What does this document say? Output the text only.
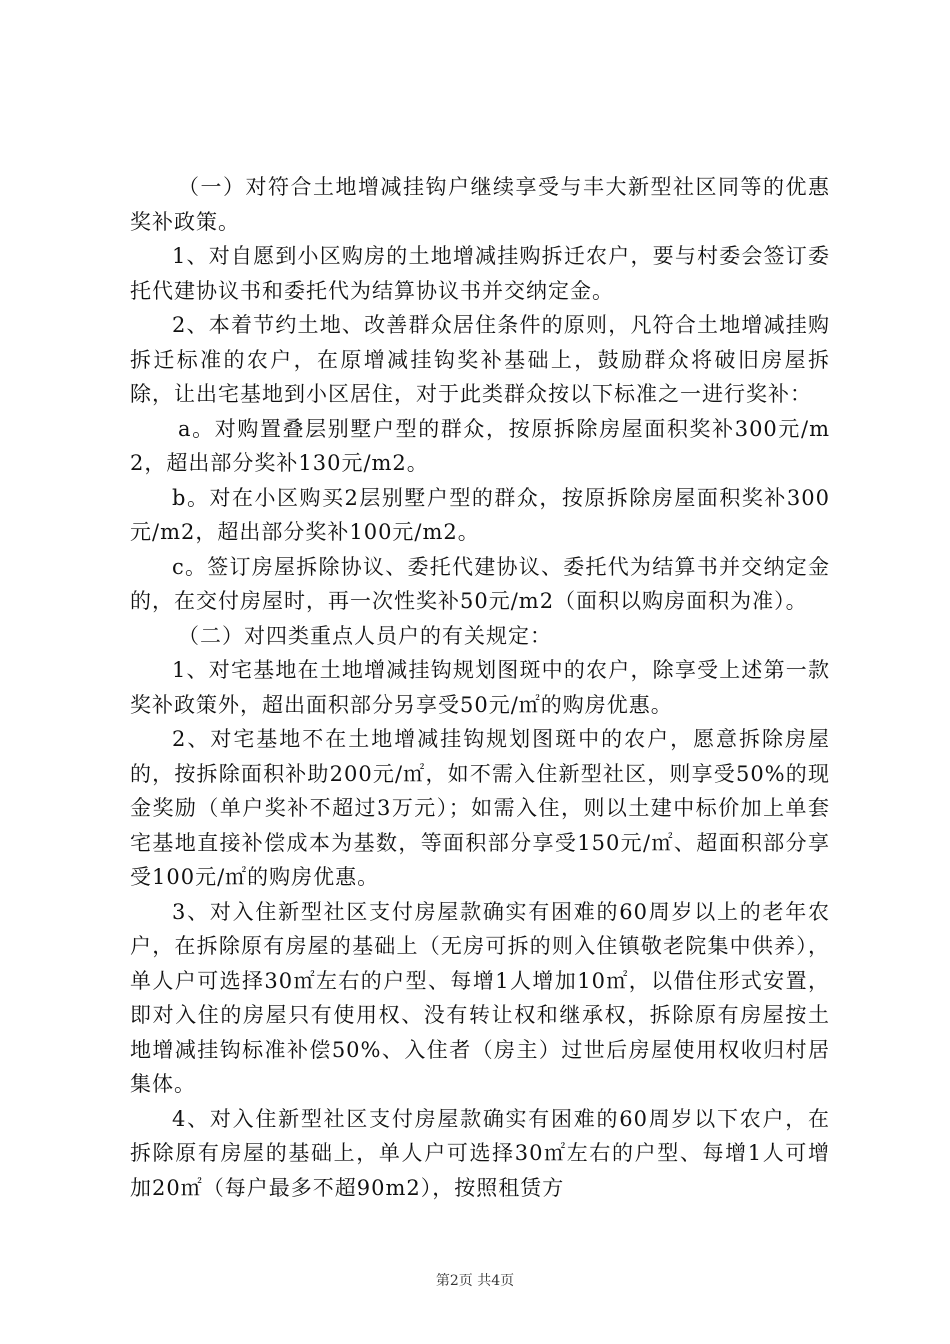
（一）对符合土地增减挂钩户继续享受与丰大新型社区同等的优惠奖补政策。

1、对自愿到小区购房的土地增减挂购拆迁农户，要与村委会签订委托代建协议书和委托代为结算协议书并交纳定金。

2、本着节约土地、改善群众居住条件的原则，凡符合土地增减挂购拆迁标准的农户，在原增减挂钩奖补基础上，鼓励群众将破旧房屋拆除，让出宅基地到小区居住，对于此类群众按以下标准之一进行奖补：

a。对购置叠层别墅户型的群众，按原拆除房屋面积奖补300元/m2，超出部分奖补130元/m2。

b。对在小区购买2层别墅户型的群众，按原拆除房屋面积奖补300元/m2，超出部分奖补100元/m2。

c。签订房屋拆除协议、委托代建协议、委托代为结算书并交纳定金的，在交付房屋时，再一次性奖补50元/m2（面积以购房面积为准）。

（二）对四类重点人员户的有关规定：

1、对宅基地在土地增减挂钩规划图斑中的农户，除享受上述第一款奖补政策外，超出面积部分另享受50元/㎡的购房优惠。

2、对宅基地不在土地增减挂钩规划图斑中的农户，愿意拆除房屋的，按拆除面积补助200元/㎡，如不需入住新型社区，则享受50%的现金奖励（单户奖补不超过3万元）；如需入住，则以土建中标价加上单套宅基地直接补偿成本为基数，等面积部分享受150元/㎡、超面积部分享受100元/㎡的购房优惠。

3、对入住新型社区支付房屋款确实有困难的60周岁以上的老年农户，在拆除原有房屋的基础上（无房可拆的则入住镇敬老院集中供养），单人户可选择30㎡左右的户型、每增1人增加10㎡，以借住形式安置，即对入住的房屋只有使用权、没有转让权和继承权，拆除原有房屋按土地增减挂钩标准补偿50%、入住者（房主）过世后房屋使用权收归村居集体。

4、对入住新型社区支付房屋款确实有困难的60周岁以下农户，在拆除原有房屋的基础上，单人户可选择30㎡左右的户型、每增1人可增加20㎡（每户最多不超90m2），按照租赁方

第2页 共4页
